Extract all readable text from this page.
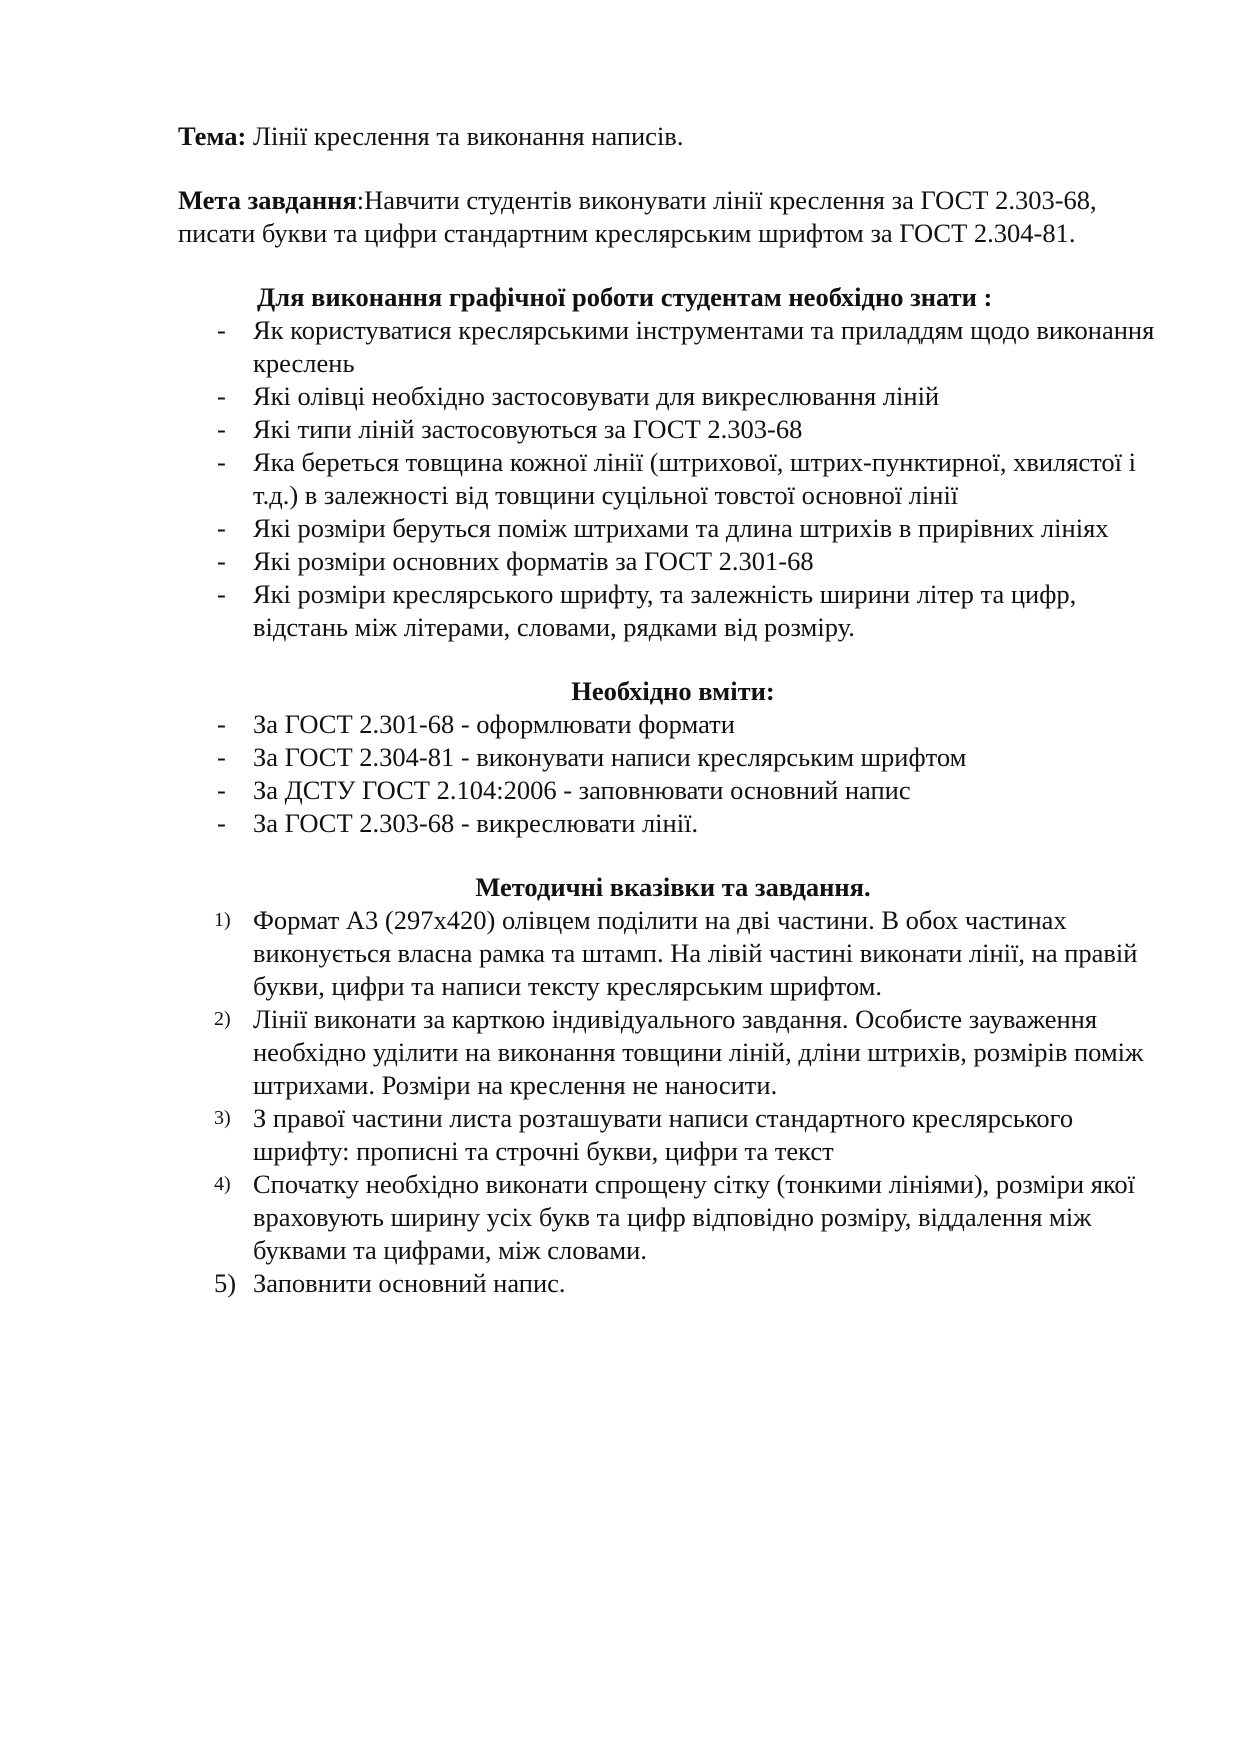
Тема: Лінії креслення та виконання написів.

Мета завдання:Навчити студентів виконувати лінії креслення за ГОСТ 2.303-68, писати букви та цифри стандартним креслярським шрифтом за ГОСТ 2.304-81.

Для виконання графічної роботи студентам необхідно знати :

- Як користуватися креслярськими інструментами та приладдям щодо виконання креслень
- Які олівці необхідно застосовувати для викреслювання ліній
- Які типи ліній застосовуються за ГОСТ 2.303-68
- Яка береться товщина кожної лінії (штрихової, штрих-пунктирної, хвилястої і т.д.) в залежності від товщини суцільної товстої основної лінії
- Які розміри беруться поміж штрихами та длина штрихів в прирівних лініях
- Які розміри основних форматів за ГОСТ 2.301-68
- Які розміри креслярського шрифту, та залежність ширини літер та цифр, відстань між літерами, словами, рядками від розміру.

Необхідно вміти:

- За ГОСТ 2.301-68 - оформлювати формати
- За ГОСТ 2.304-81 - виконувати написи креслярським шрифтом
- За ДСТУ ГОСТ 2.104:2006 - заповнювати основний напис
- За ГОСТ 2.303-68 - викреслювати лінії.

Методичні вказівки та завдання.

1) Формат А3 (297х420) олівцем поділити на дві частини. В обох частинах виконується власна рамка та штамп. На лівій частині виконати лінії, на правій букви, цифри та написи тексту креслярським шрифтом.
2) Лінії виконати за карткою індивідуального завдання. Особисте зауваження необхідно уділити на виконання товщини ліній, дліни штрихів, розмірів поміж штрихами. Розміри на креслення не наносити.
3) З правої частини листа розташувати написи стандартного креслярського шрифту: прописні та строчні букви, цифри та текст
4) Спочатку необхідно виконати спрощену сітку (тонкими лініями), розміри якої враховують ширину усіх букв та цифр відповідно розміру, віддалення між буквами та цифрами, між словами.
5) Заповнити основний напис.
